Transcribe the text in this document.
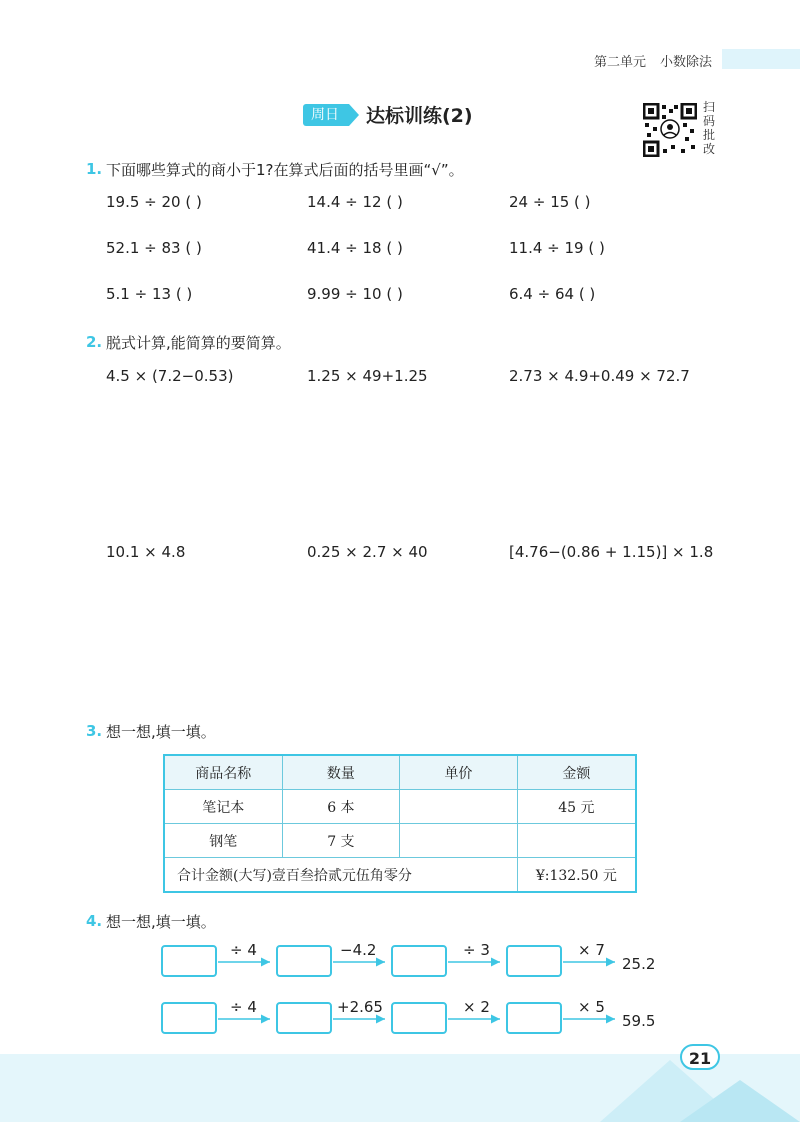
第二单元 小数除法
周日	达标训练(2)	扫码批改
1. 下面哪些算式的商小于1?在算式后面的括号里画“√”。
19.5 ÷ 20 ( )	14.4 ÷ 12 ( )	24 ÷ 15 ( )
52.1 ÷ 83 ( )	41.4 ÷ 18 ( )	11.4 ÷ 19 ( )
5.1 ÷ 13 ( )	9.99 ÷ 10 ( )	6.4 ÷ 64 ( )
2. 脱式计算,能简算的要简算。
4.5 × (7.2−0.53)	1.25 × 49+1.25	2.73 × 4.9+0.49 × 72.7
10.1 × 4.8	0.25 × 2.7 × 40	[4.76−(0.86 + 1.15)] × 1.8
3. 想一想,填一填。
商品名称	数量	单价	金额
笔记本	6 本		45 元
钢笔	7 支		
合计金额(大写)壹百叁拾贰元伍角零分			¥:132.50 元
4. 想一想,填一填。
÷ 4	−4.2	÷ 3	× 7
25.2
÷ 4	+2.65	× 2	× 5
59.5
21
